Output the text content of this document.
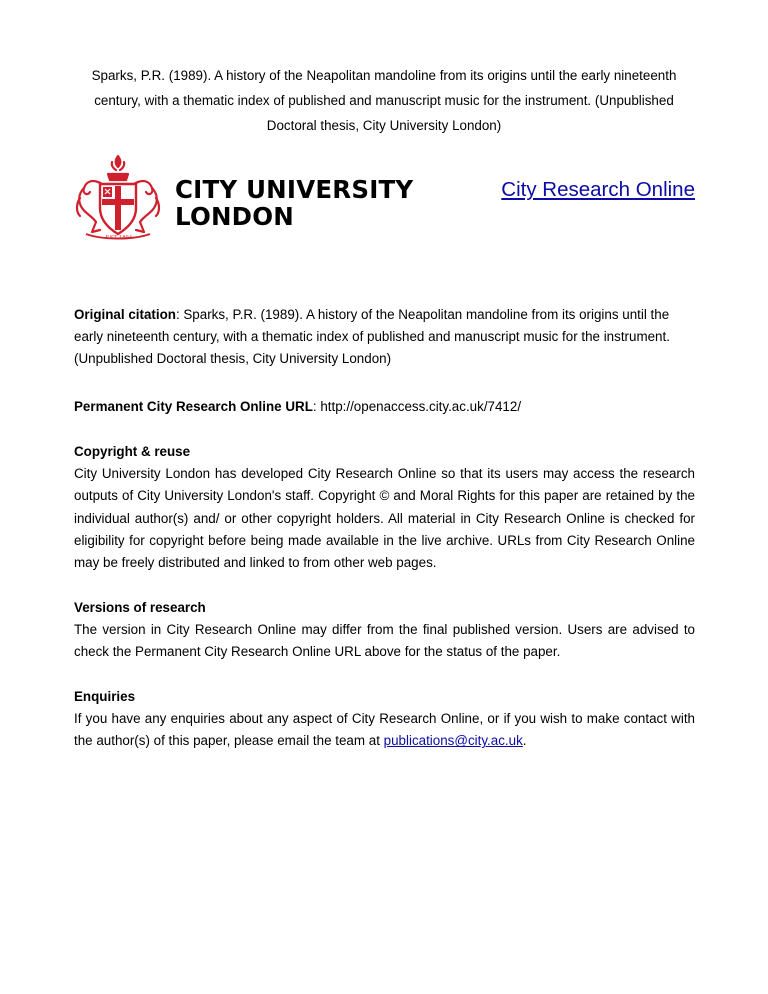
Sparks, P.R. (1989). A history of the Neapolitan mandoline from its origins until the early nineteenth
century, with a thematic index of published and manuscript music for the instrument. (Unpublished
Doctoral thesis, City University London)
EST 1894
CITY UNIVERSITY
LONDON
City Research Online
Original citation: Sparks, P.R. (1989). A history of the Neapolitan mandoline from its origins until the early nineteenth century, with a thematic index of published and manuscript music for the instrument. (Unpublished Doctoral thesis, City University London)
Permanent City Research Online URL: http://openaccess.city.ac.uk/7412/
Copyright & reuse
City University London has developed City Research Online so that its users may access the research outputs of City University London's staff. Copyright © and Moral Rights for this paper are retained by the individual author(s) and/ or other copyright holders. All material in City Research Online is checked for eligibility for copyright before being made available in the live archive. URLs from City Research Online may be freely distributed and linked to from other web pages.
Versions of research
The version in City Research Online may differ from the final published version. Users are advised to check the Permanent City Research Online URL above for the status of the paper.
Enquiries
If you have any enquiries about any aspect of City Research Online, or if you wish to make contact with the author(s) of this paper, please email the team at publications@city.ac.uk.
